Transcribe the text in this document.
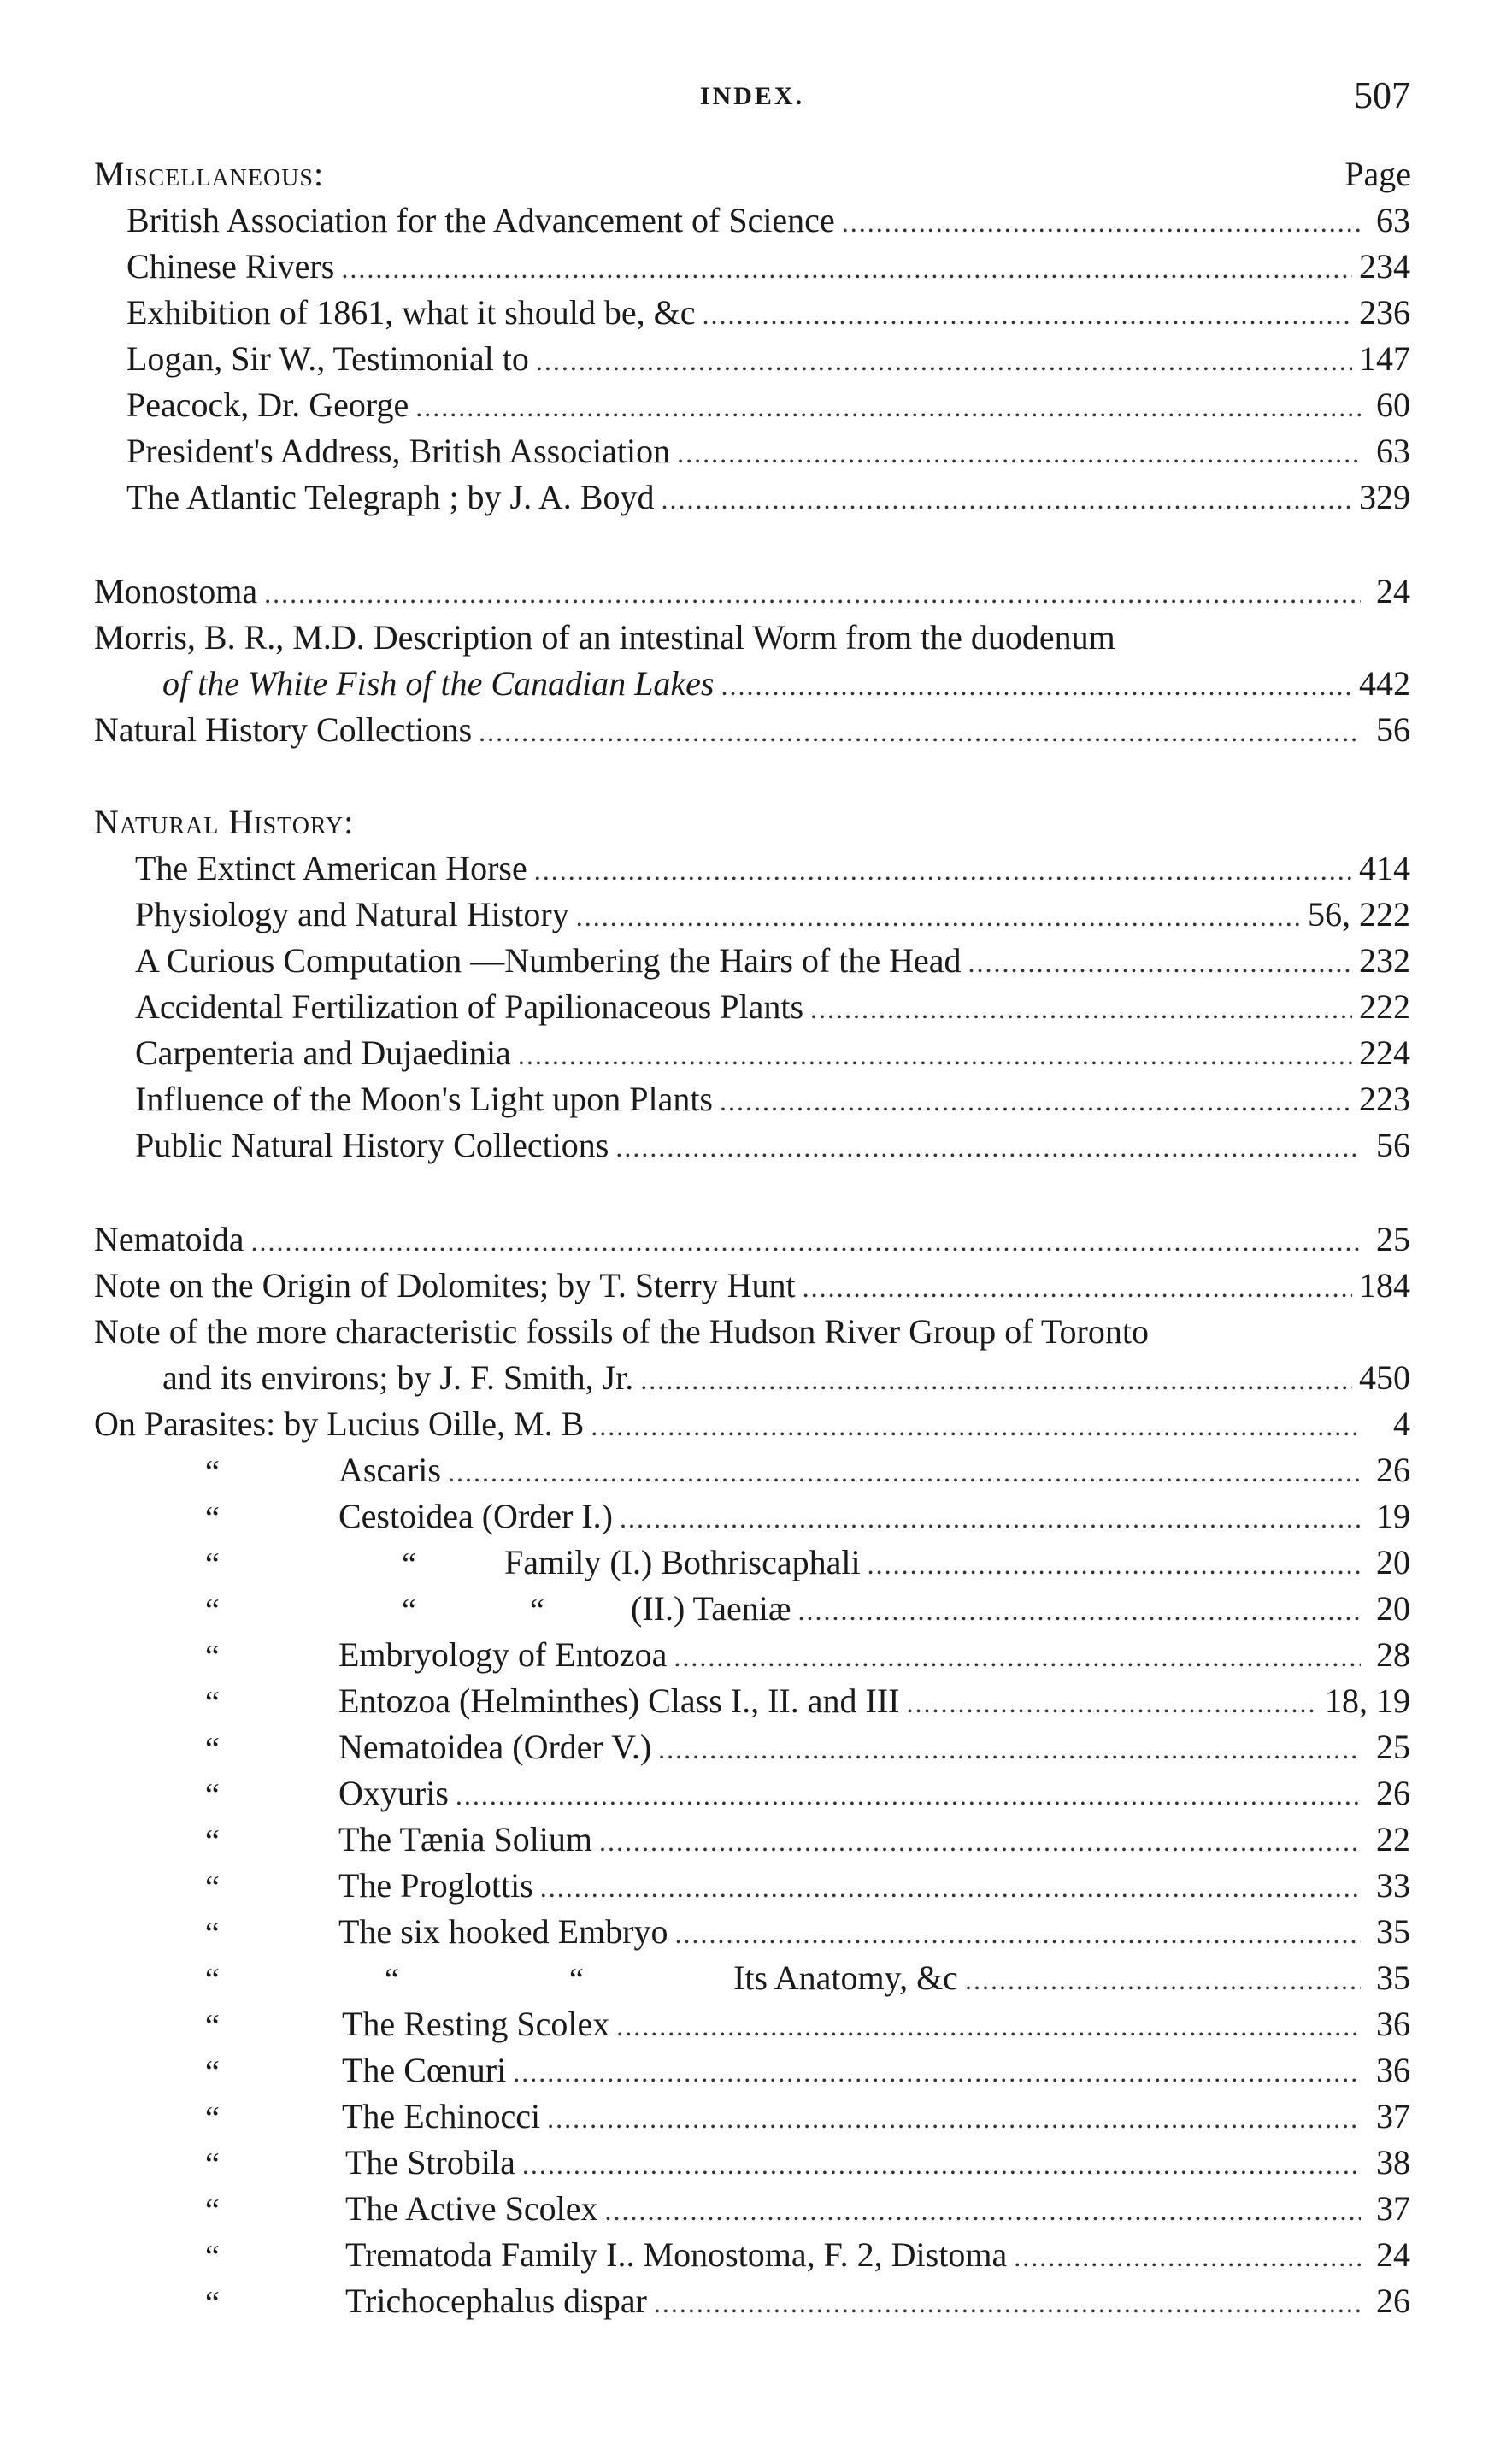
INDEX.	507
Miscellaneous:	Page
British Association for the Advancement of Science .....	63
Chinese Rivers .....	234
Exhibition of 1861, what it should be, &c .....	236
Logan, Sir W., Testimonial to .....	147
Peacock, Dr. George .....	60
President's Address, British Association .....	63
The Atlantic Telegraph ; by J. A. Boyd .....	329
Monostoma .....	24
Morris, B. R., M.D. Description of an intestinal Worm from the duodenum
of the White Fish of the Canadian Lakes .....	442
Natural History Collections .....	56
Natural History:
The Extinct American Horse .....	414
Physiology and Natural History .....	56, 222
A Curious Computation —Numbering the Hairs of the Head .....	232
Accidental Fertilization of Papilionaceous Plants .....	222
Carpenteria and Dujaedinia .....	224
Influence of the Moon's Light upon Plants .....	223
Public Natural History Collections .....	56
Nematoida .....	25
Note on the Origin of Dolomites; by T. Sterry Hunt .....	184
Note of the more characteristic fossils of the Hudson River Group of Toronto
and its environs; by J. F. Smith, Jr. .....	450
On Parasites: by Lucius Oille, M. B .....	4
“	Ascaris .....	26
“	Cestoidea (Order I.) .....	19
“	“	Family (I.) Bothriscaphali .....	20
“	“	“	(II.) Taeniæ .....	20
“	Embryology of Entozoa .....	28
“	Entozoa (Helminthes) Class I., II. and III .....	18, 19
“	Nematoidea (Order V.) .....	25
“	Oxyuris .....	26
“	The Tænia Solium .....	22
“	The Proglottis .....	33
“	The six hooked Embryo .....	35
“	“	“	Its Anatomy, &c .....	35
“	The Resting Scolex .....	36
“	The Cœnuri .....	36
“	The Echinocci .....	37
“	The Strobila .....	38
“	The Active Scolex .....	37
“	Trematoda Family I.. Monostoma, F. 2, Distoma .....	24
“	Trichocephalus dispar .....	26
